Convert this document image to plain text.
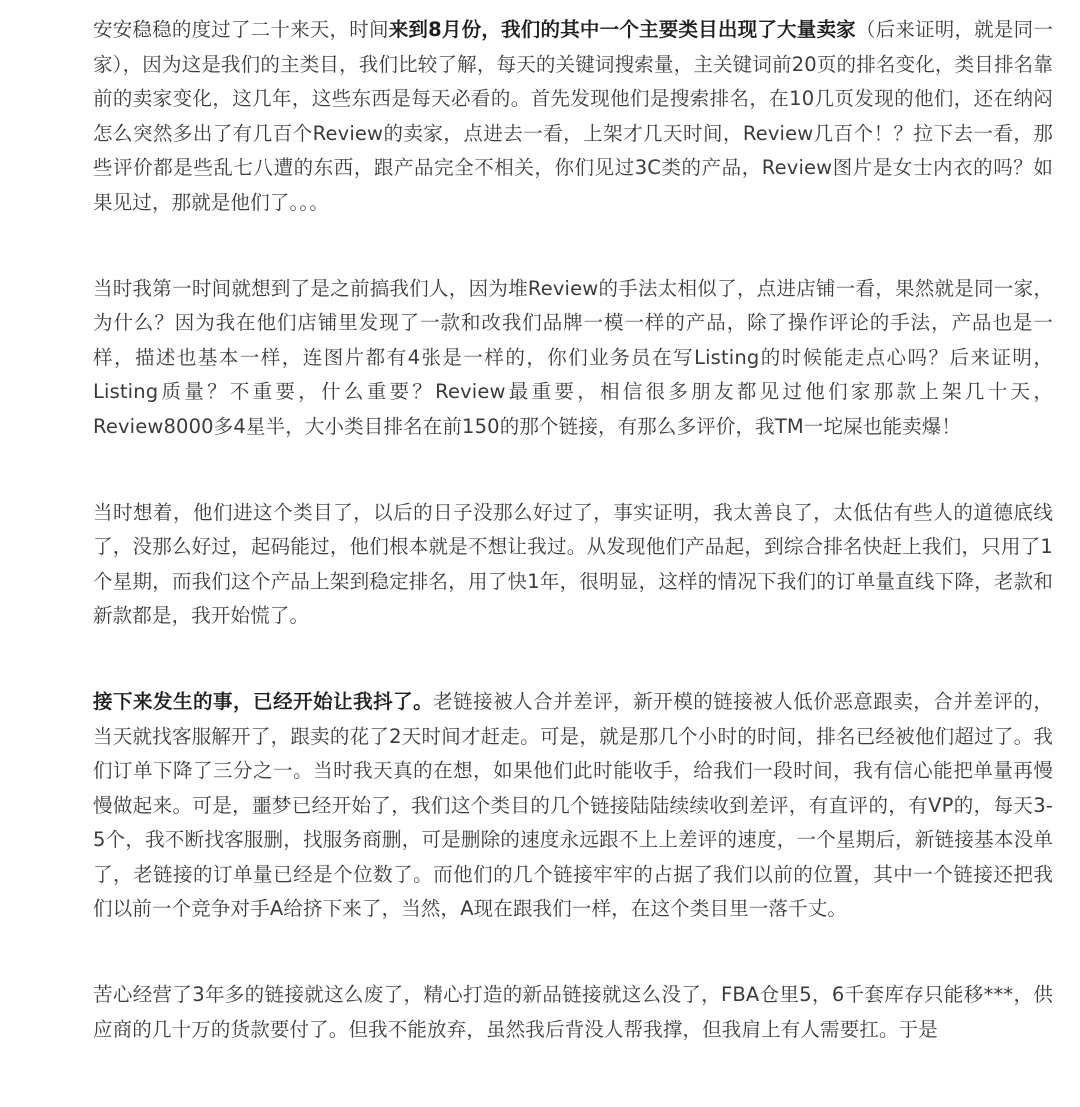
安安稳稳的度过了二十来天，时间来到8月份，我们的其中一个主要类目出现了大量卖家（后来证明，就是同一家），因为这是我们的主类目，我们比较了解，每天的关键词搜索量，主关键词前20页的排名变化，类目排名靠前的卖家变化，这几年，这些东西是每天必看的。首先发现他们是搜索排名，在10几页发现的他们，还在纳闷怎么突然多出了有几百个Review的卖家，点进去一看，上架才几天时间，Review几百个！？拉下去一看，那些评价都是些乱七八遭的东西，跟产品完全不相关，你们见过3C类的产品，Review图片是女士内衣的吗？如果见过，那就是他们了。。。

当时我第一时间就想到了是之前搞我们人，因为堆Review的手法太相似了，点进店铺一看，果然就是同一家，为什么？因为我在他们店铺里发现了一款和改我们品牌一模一样的产品，除了操作评论的手法，产品也是一样，描述也基本一样，连图片都有4张是一样的，你们业务员在写Listing的时候能走点心吗？后来证明，Listing质量？不重要，什么重要？Review最重要，相信很多朋友都见过他们家那款上架几十天，Review8000多4星半，大小类目排名在前150的那个链接，有那么多评价，我TM一坨屎也能卖爆！

当时想着，他们进这个类目了，以后的日子没那么好过了，事实证明，我太善良了，太低估有些人的道德底线了，没那么好过，起码能过，他们根本就是不想让我过。从发现他们产品起，到综合排名快赶上我们，只用了1个星期，而我们这个产品上架到稳定排名，用了快1年，很明显，这样的情况下我们的订单量直线下降，老款和新款都是，我开始慌了。

接下来发生的事，已经开始让我抖了。老链接被人合并差评，新开模的链接被人低价恶意跟卖，合并差评的，当天就找客服解开了，跟卖的花了2天时间才赶走。可是，就是那几个小时的时间，排名已经被他们超过了。我们订单下降了三分之一。当时我天真的在想，如果他们此时能收手，给我们一段时间，我有信心能把单量再慢慢做起来。可是，噩梦已经开始了，我们这个类目的几个链接陆陆续续收到差评，有直评的，有VP的，每天3-5个，我不断找客服删，找服务商删，可是删除的速度永远跟不上上差评的速度，一个星期后，新链接基本没单了，老链接的订单量已经是个位数了。而他们的几个链接牢牢的占据了我们以前的位置，其中一个链接还把我们以前一个竞争对手A给挤下来了，当然，A现在跟我们一样，在这个类目里一落千丈。

苦心经营了3年多的链接就这么废了，精心打造的新品链接就这么没了，FBA仓里5，6千套库存只能移***，供应商的几十万的货款要付了。但我不能放弃，虽然我后背没人帮我撑，但我肩上有人需要扛。于是
